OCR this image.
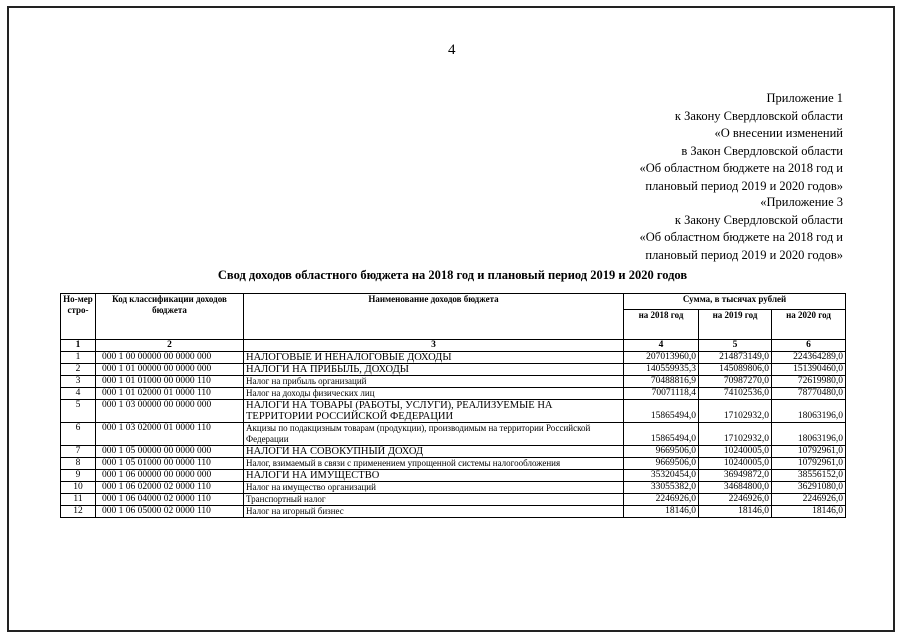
4
Приложение 1
к Закону Свердловской области
«О внесении изменений
в Закон Свердловской области
«Об областном бюджете на 2018 год и
плановый период 2019 и 2020 годов»
«Приложение 3
к Закону Свердловской области
«Об областном бюджете на 2018 год и
плановый период 2019 и 2020 годов»
Свод доходов областного бюджета на 2018 год и плановый период 2019 и 2020 годов
Но-мер стро-	Код классификации доходов бюджета	Наименование доходов бюджета	Сумма, в тысячах рублей		
			на 2018 год	на 2019 год	на 2020 год
1	2	3	4	5	6
1	000 1 00 00000 00 0000 000	НАЛОГОВЫЕ И НЕНАЛОГОВЫЕ ДОХОДЫ	207013960,0	214873149,0	224364289,0
2	000 1 01 00000 00 0000 000	НАЛОГИ НА ПРИБЫЛЬ, ДОХОДЫ	140559935,3	145089806,0	151390460,0
3	000 1 01 01000 00 0000 110	Налог на прибыль организаций	70488816,9	70987270,0	72619980,0
4	000 1 01 02000 01 0000 110	Налог на доходы физических лиц	70071118,4	74102536,0	78770480,0
5	000 1 03 00000 00 0000 000	НАЛОГИ НА ТОВАРЫ (РАБОТЫ, УСЛУГИ), РЕАЛИЗУЕМЫЕ НА ТЕРРИТОРИИ РОССИЙСКОЙ ФЕДЕРАЦИИ	15865494,0	17102932,0	18063196,0
6	000 1 03 02000 01 0000 110	Акцизы по подакцизным товарам (продукции), производимым на территории Российской Федерации	15865494,0	17102932,0	18063196,0
7	000 1 05 00000 00 0000 000	НАЛОГИ НА СОВОКУПНЫЙ ДОХОД	9669506,0	10240005,0	10792961,0
8	000 1 05 01000 00 0000 110	Налог, взимаемый в связи с применением упрощенной системы налогообложения	9669506,0	10240005,0	10792961,0
9	000 1 06 00000 00 0000 000	НАЛОГИ НА ИМУЩЕСТВО	35320454,0	36949872,0	38556152,0
10	000 1 06 02000 02 0000 110	Налог на имущество организаций	33055382,0	34684800,0	36291080,0
11	000 1 06 04000 02 0000 110	Транспортный налог	2246926,0	2246926,0	2246926,0
12	000 1 06 05000 02 0000 110	Налог на игорный бизнес	18146,0	18146,0	18146,0
